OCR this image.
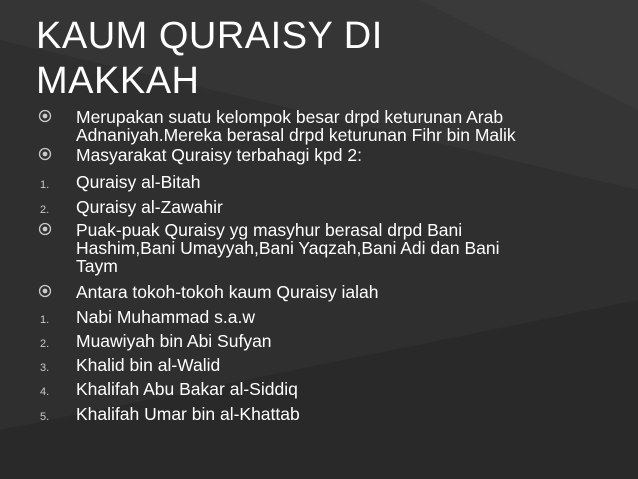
KAUM QURAISY DI
MAKKAH
Merupakan suatu kelompok besar drpd keturunan Arab
Adnaniyah.Mereka berasal drpd keturunan Fihr bin Malik
Masyarakat Quraisy terbahagi kpd 2:
1.	Quraisy al-Bitah
2.	Quraisy al-Zawahir
Puak-puak Quraisy yg masyhur berasal drpd Bani
Hashim,Bani Umayyah,Bani Yaqzah,Bani Adi dan Bani
Taym
Antara tokoh-tokoh kaum Quraisy ialah
1.	Nabi Muhammad s.a.w
2.	Muawiyah bin Abi Sufyan
3.	Khalid bin al-Walid
4.	Khalifah Abu Bakar al-Siddiq
5.	Khalifah Umar bin al-Khattab
